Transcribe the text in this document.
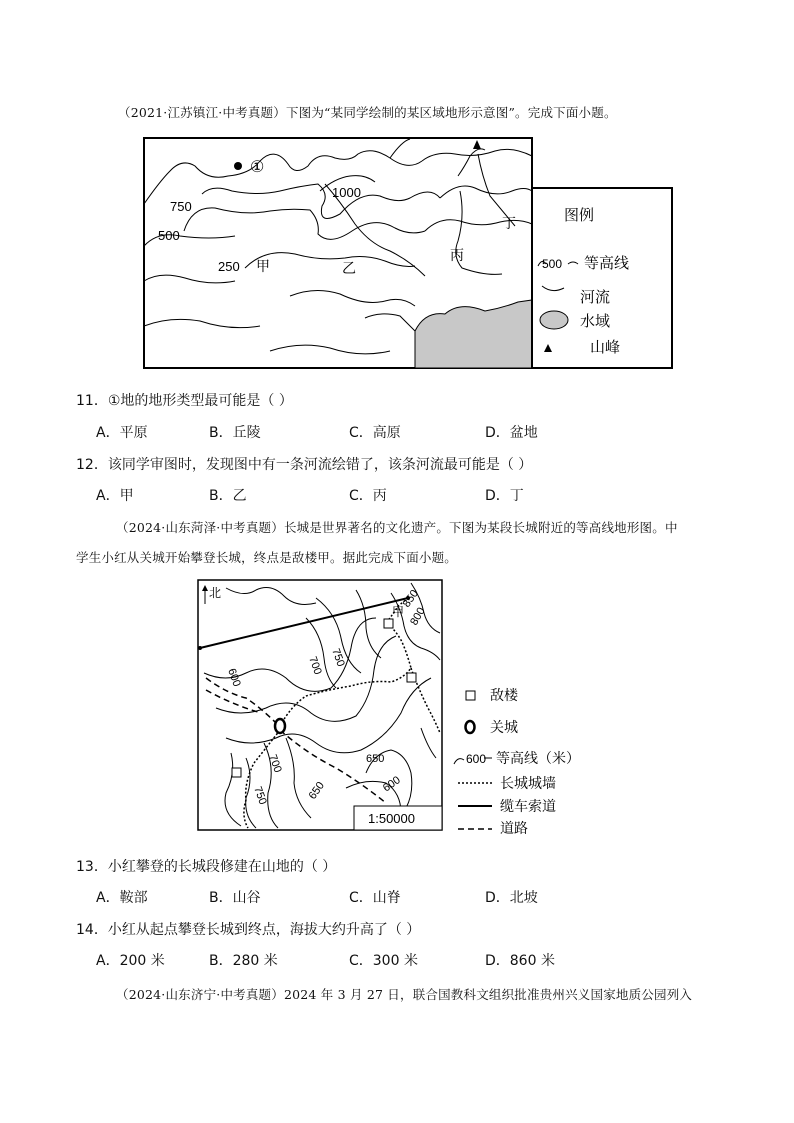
（2021·江苏镇江·中考真题）下图为“某同学绘制的某区域地形示意图”。完成下面小题。
①
1000
750
500
250 甲	乙
丙
丁	图例
500 等高线
河流
水域
山峰
11．①地的地形类型最可能是（ ）
A．平原	B．丘陵	C．高原	D．盆地
12．该同学审图时，发现图中有一条河流绘错了，该条河流最可能是（ ）
A．甲	B．乙	C．丙	D．丁
（2024·山东菏泽·中考真题）长城是世界著名的文化遗产。下图为某段长城附近的等高线地形图。中
学生小红从关城开始攀登长城，终点是敌楼甲。据此完成下面小题。
北
甲
850
800
750
700
600
700
750
650
650	600
1:50000
敌楼
关城
600 等高线（米）
长城城墙
缆车索道
道路
13．小红攀登的长城段修建在山地的（ ）
A．鞍部	B．山谷	C．山脊	D．北坡
14．小红从起点攀登长城到终点，海拔大约升高了（ ）
A．200 米	B．280 米	C．300 米	D．860 米
（2024·山东济宁·中考真题）2024 年 3 月 27 日，联合国教科文组织批准贵州兴义国家地质公园列入
